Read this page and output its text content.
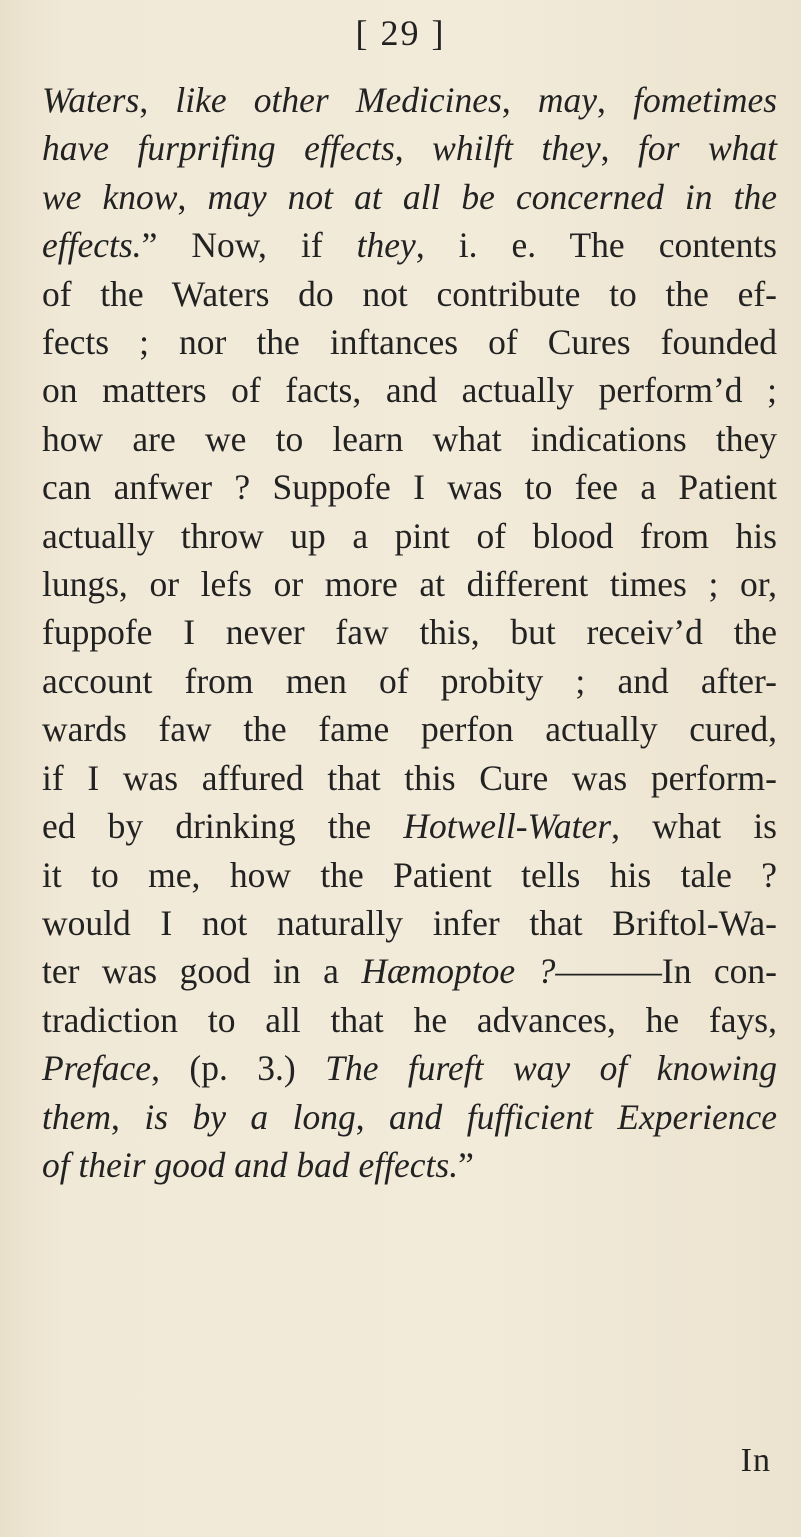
[ 29 ]
Waters, like other Medicines, may, fometimes
have furprifing effects, whilft they, for what
we know, may not at all be concerned in the
effects.” Now, if they, i. e. The contents
of the Waters do not contribute to the ef-
fects ; nor the inftances of Cures founded
on matters of facts, and actually perform’d ;
how are we to learn what indications they
can anfwer ? Suppofe I was to fee a Patient
actually throw up a pint of blood from his
lungs, or lefs or more at different times ; or,
fuppofe I never faw this, but receiv’d the
account from men of probity ; and after-
wards faw the fame perfon actually cured,
if I was affured that this Cure was perform-
ed by drinking the Hotwell-Water, what is
it to me, how the Patient tells his tale ?
would I not naturally infer that Briftol-Wa-
ter was good in a Hæmoptoe ?———In con-
tradiction to all that he advances, he fays,
Preface, (p. 3.) The fureft way of knowing
them, is by a long, and fufficient Experience
of their good and bad effects.”
In
